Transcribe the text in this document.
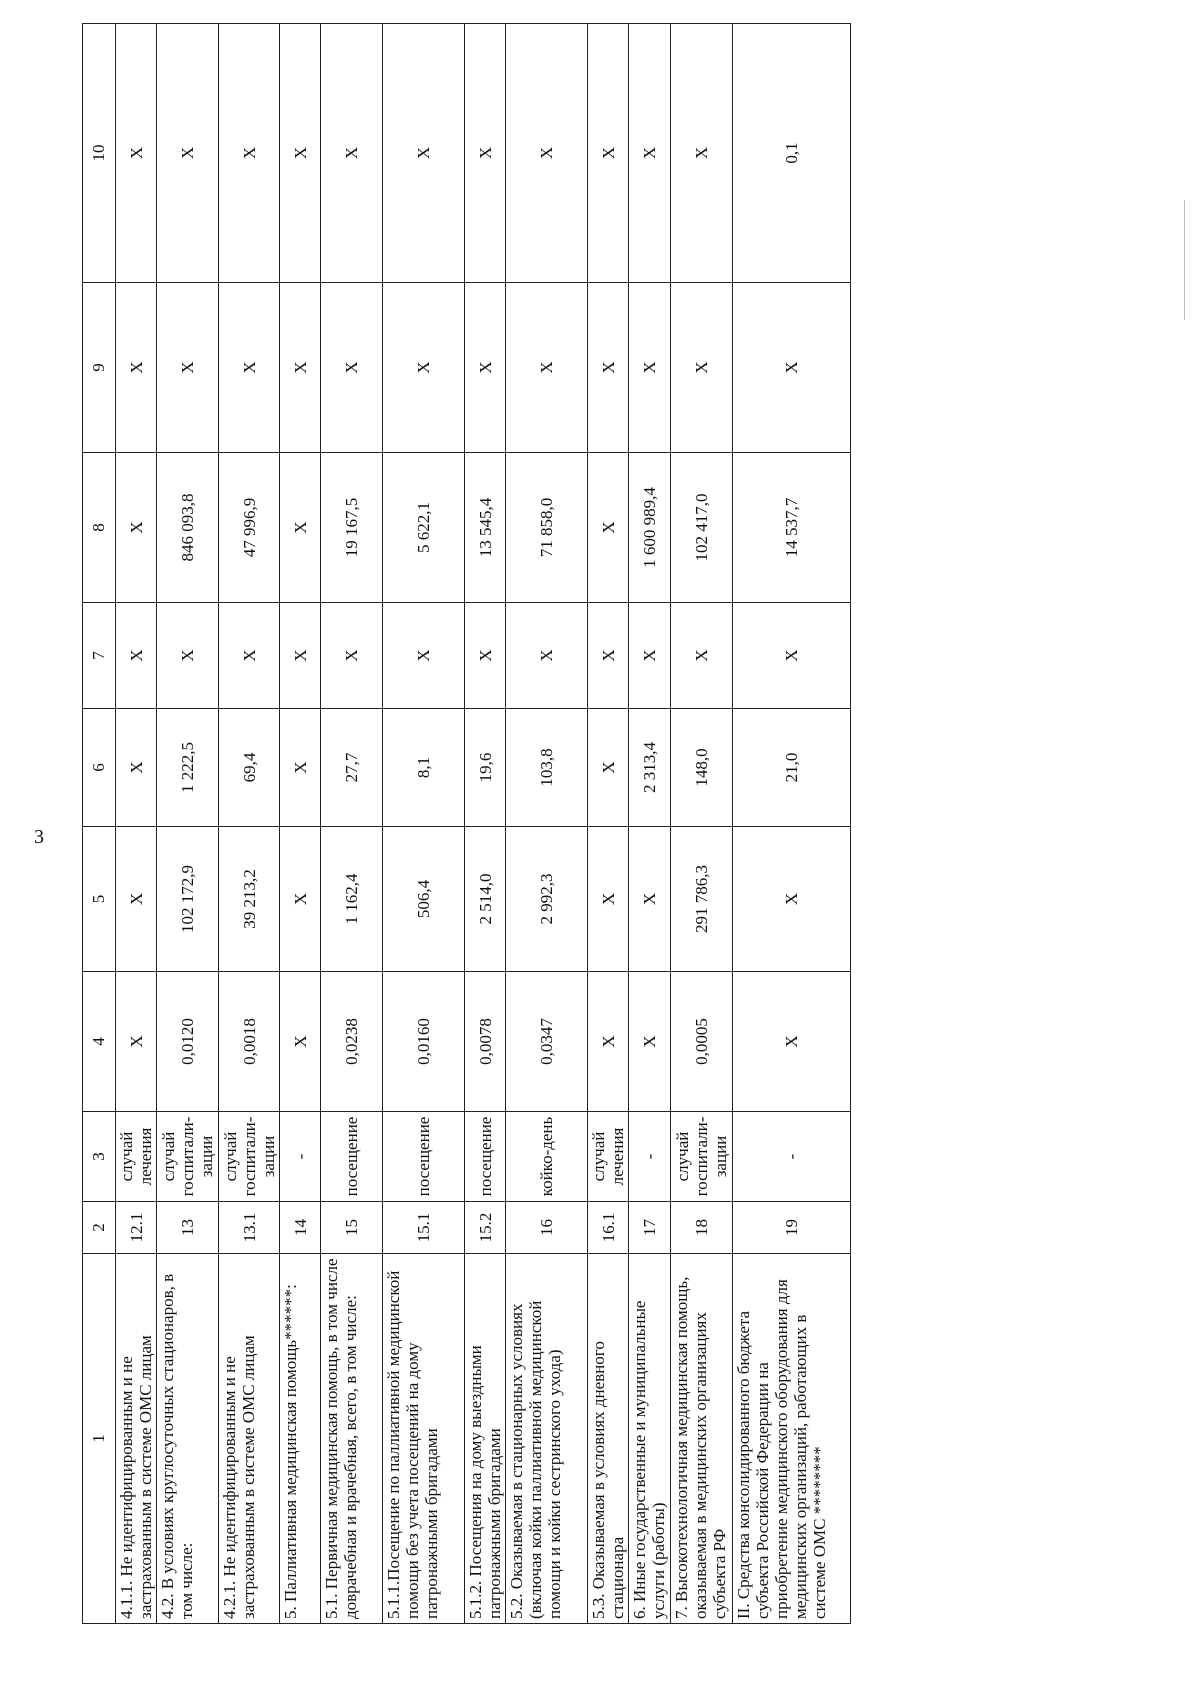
3
1	2	3	4	5	6	7	8	9	10
4.1.1. Не идентифицированным и не застрахованным в системе ОМС лицам	12.1	случай лечения	Х	Х	Х	Х	Х	Х	Х
4.2. В условиях круглосуточных стационаров, в том числе:	13	случай госпитали-зации	0,0120	102 172,9	1 222,5	Х	846 093,8	Х	Х
4.2.1. Не идентифицированным и не застрахованным в системе ОМС лицам	13.1	случай госпитали-зации	0,0018	39 213,2	69,4	Х	47 996,9	Х	Х
5. Паллиативная медицинская помощь******:	14	-	Х	Х	Х	Х	Х	Х	Х
5.1. Первичная медицинская помощь, в том числе доврачебная и врачебная, всего, в том числе:	15	посещение	0,0238	1 162,4	27,7	Х	19 167,5	Х	Х
5.1.1.Посещение по паллиативной медицинской помощи без учета посещений на дому патронажными бригадами	15.1	посещение	0,0160	506,4	8,1	Х	5 622,1	Х	Х
5.1.2. Посещения на дому выездными патронажными бригадами	15.2	посещение	0,0078	2 514,0	19,6	Х	13 545,4	Х	Х
5.2. Оказываемая в стационарных условиях (включая койки паллиативной медицинской помощи и койки сестринского ухода)	16	койко-день	0,0347	2 992,3	103,8	Х	71 858,0	Х	Х
5.3. Оказываемая в условиях дневного стационара	16.1	случай лечения	Х	Х	Х	Х	Х	Х	Х
6. Иные государственные и муниципальные услуги (работы)	17	-	Х	Х	2 313,4	Х	1 600 989,4	Х	Х
7. Высокотехнологичная медицинская помощь, оказываемая в медицинских организациях субъекта РФ	18	случай госпитали-зации	0,0005	291 786,3	148,0	Х	102 417,0	Х	Х
II. Средства консолидированного бюджета субъекта Российской Федерации на приобретение медицинского оборудования для медицинских организаций, работающих в системе ОМС ********	19	-	Х	Х	21,0	Х	14 537,7	Х	0,1
